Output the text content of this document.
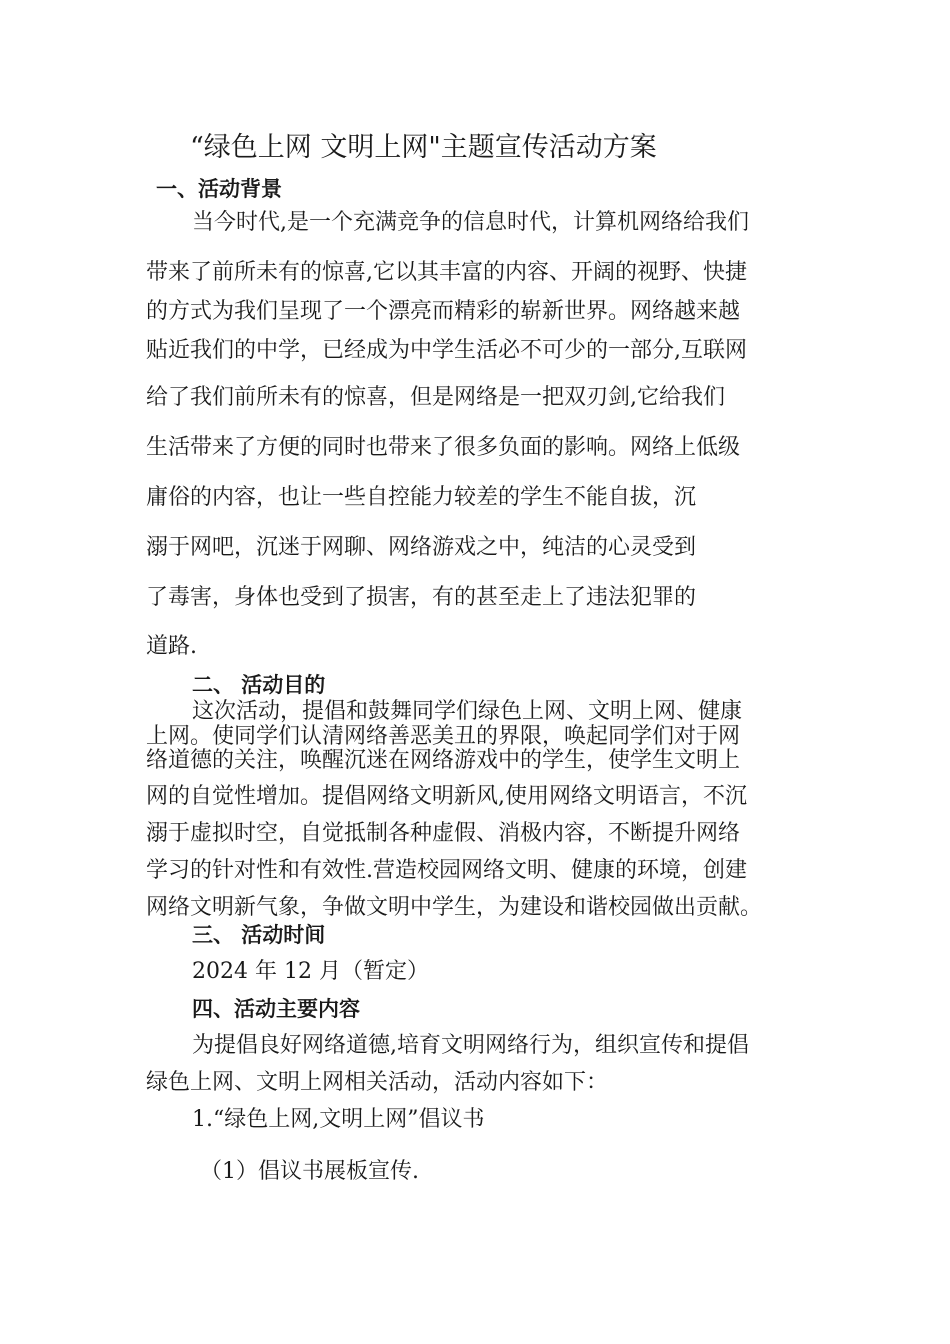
“绿色上网 文明上网"主题宣传活动方案
一、活动背景
当今时代,是一个充满竞争的信息时代，计算机网络给我们
带来了前所未有的惊喜,它以其丰富的内容、开阔的视野、快捷
的方式为我们呈现了一个漂亮而精彩的崭新世界。网络越来越
贴近我们的中学，已经成为中学生活必不可少的一部分,互联网
给了我们前所未有的惊喜，但是网络是一把双刃剑,它给我们
生活带来了方便的同时也带来了很多负面的影响。网络上低级
庸俗的内容，也让一些自控能力较差的学生不能自拔，沉
溺于网吧，沉迷于网聊、网络游戏之中，纯洁的心灵受到
了毒害，身体也受到了损害，有的甚至走上了违法犯罪的
道路.
二、 活动目的
这次活动，提倡和鼓舞同学们绿色上网、文明上网、健康
上网。使同学们认清网络善恶美丑的界限，唤起同学们对于网
络道德的关注，唤醒沉迷在网络游戏中的学生，使学生文明上
网的自觉性增加。提倡网络文明新风,使用网络文明语言，不沉
溺于虚拟时空，自觉抵制各种虚假、消极内容，不断提升网络
学习的针对性和有效性.营造校园网络文明、健康的环境，创建
网络文明新气象，争做文明中学生，为建设和谐校园做出贡献。
三、 活动时间
2024 年 12 月（暂定）
四、活动主要内容
为提倡良好网络道德,培育文明网络行为，组织宣传和提倡
绿色上网、文明上网相关活动，活动内容如下：
1.“绿色上网,文明上网”倡议书
（1）倡议书展板宣传.
